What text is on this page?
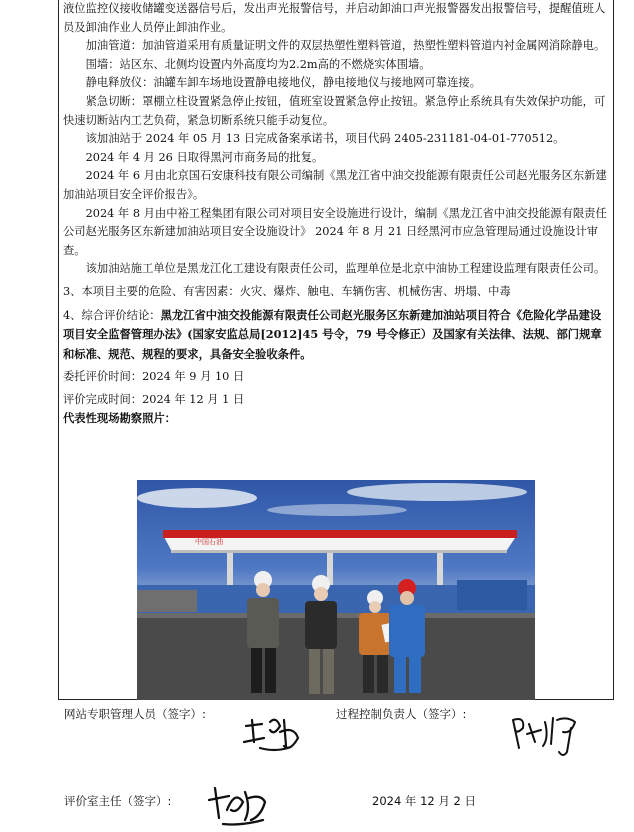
液位监控仪接收储罐变送器信号后，发出声光报警信号，并启动卸油口声光报警器发出报警信号，提醒值班人员及卸油作业人员停止卸油作业。

加油管道：加油管道采用有质量证明文件的双层热塑性塑料管道，热塑性塑料管道内衬金属网消除静电。

围墙：站区东、北侧均设置内外高度均为2.2m高的不燃烧实体围墙。

静电释放仪：油罐车卸车场地设置静电接地仪，静电接地仪与接地网可靠连接。

紧急切断：罩棚立柱设置紧急停止按钮，值班室设置紧急停止按钮。紧急停止系统具有失效保护功能，可快速切断站内工艺负荷，紧急切断系统只能手动复位。

该加油站于 2024 年 05 月 13 日完成备案承诺书，项目代码 2405-231181-04-01-770512。

2024 年 4 月 26 日取得黑河市商务局的批复。

2024 年 6 月由北京国石安康科技有限公司编制《黑龙江省中油交投能源有限责任公司赵光服务区东新建加油站项目安全评价报告》。

2024 年 8 月由中裕工程集团有限公司对项目安全设施进行设计，编制《黑龙江省中油交投能源有限责任公司赵光服务区东新建加油站项目安全设施设计》 2024 年 8 月 21 日经黑河市应急管理局通过设施设计审查。

该加油站施工单位是黑龙江化工建设有限责任公司，监理单位是北京中油协工程建设监理有限责任公司。

3、本项目主要的危险、有害因素：火灾、爆炸、触电、车辆伤害、机械伤害、坍塌、中毒

4、综合评价结论：黑龙江省中油交投能源有限责任公司赵光服务区东新建加油站项目符合《危险化学品建设项目安全监督管理办法》(国家安监总局[2012]45 号令，79 号令修正）及国家有关法律、法规、部门规章和标准、规范、规程的要求，具备安全验收条件。

委托评价时间：2024 年 9 月 10 日

评价完成时间：2024 年 12 月 1 日

代表性现场勘察照片：

中国石油
网站专职管理人员（签字）:	过程控制负责人（签字）:
评价室主任（签字）:	2024 年 12 月 2 日
